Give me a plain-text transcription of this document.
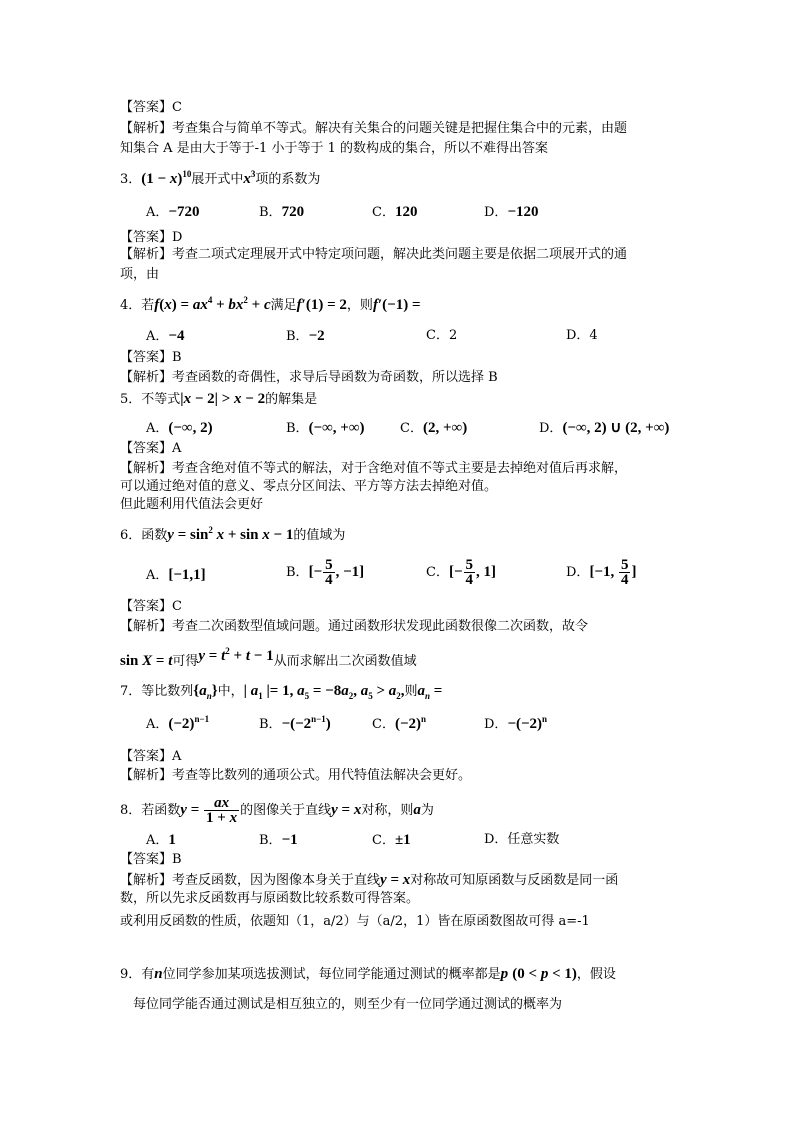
【答案】C
【解析】考查集合与简单不等式。解决有关集合的问题关键是把握住集合中的元素，由题
知集合 A 是由大于等于-1 小于等于 1 的数构成的集合，所以不难得出答案
3．$(1 - x)^{10}$展开式中$x^3$项的系数为
A．−720	B．720	C．120	D．−120
【答案】D
【解析】考查二项式定理展开式中特定项问题，解决此类问题主要是依据二项展开式的通
项，由
4．若$f(x) = ax^4 + bx^2 + c$满足f′(1) = 2，则f′(−1) =
A．−4	B．−2	C．2	D．4
【答案】B
【解析】考查函数的奇偶性，求导后导函数为奇函数，所以选择 B
5．不等式|x − 2| > x − 2的解集是
A．(−∞, 2)	B．(−∞, +∞)	C．(2, +∞)	D．(−∞, 2) ∪ (2, +∞)
【答案】A
【解析】考查含绝对值不等式的解法，对于含绝对值不等式主要是去掉绝对值后再求解，
可以通过绝对值的意义、零点分区间法、平方等方法去掉绝对值。
但此题利用代值法会更好
6．函数$y = \sin^2 x + \sin x - 1$的值域为
A．[−1,1]	B．[− $\frac{5}{4}$ , −1]	C．[− $\frac{5}{4}$ , 1]	D．[−1, $\frac{5}{4}$ ]
【答案】C
【解析】考查二次函数型值域问题。通过函数形状发现此函数很像二次函数，故令
sin X = t可得$y = t^2 + t - 1$从而求解出二次函数值域
7．等比数列$\{a_n\}$中，| $a_1$ |= 1, $a_5 = -8a_2$, $a_5 > a_2$,则$a_n$ =
A．$(-2)^{n-1}$	B．$-(-2^{n-1})$	C．$(-2)^n$	D．$-(-2)^n$
【答案】A
【解析】考查等比数列的通项公式。用代特值法解决会更好。
8．若函数$y = \frac{ax}{1 + x}$ 的图像关于直线y = x对称，则a为
A．1	B．−1	C．±1	D．任意实数
【答案】B
【解析】考查反函数，因为图像本身关于直线y = x对称故可知原函数与反函数是同一函
数，所以先求反函数再与原函数比较系数可得答案。
或利用反函数的性质，依题知（1，a/2）与（a/2，1）皆在原函数图故可得 a=-1
9．有n位同学参加某项选拔测试，每位同学能通过测试的概率都是p (0 < p < 1)，假设
每位同学能否通过测试是相互独立的，则至少有一位同学通过测试的概率为
